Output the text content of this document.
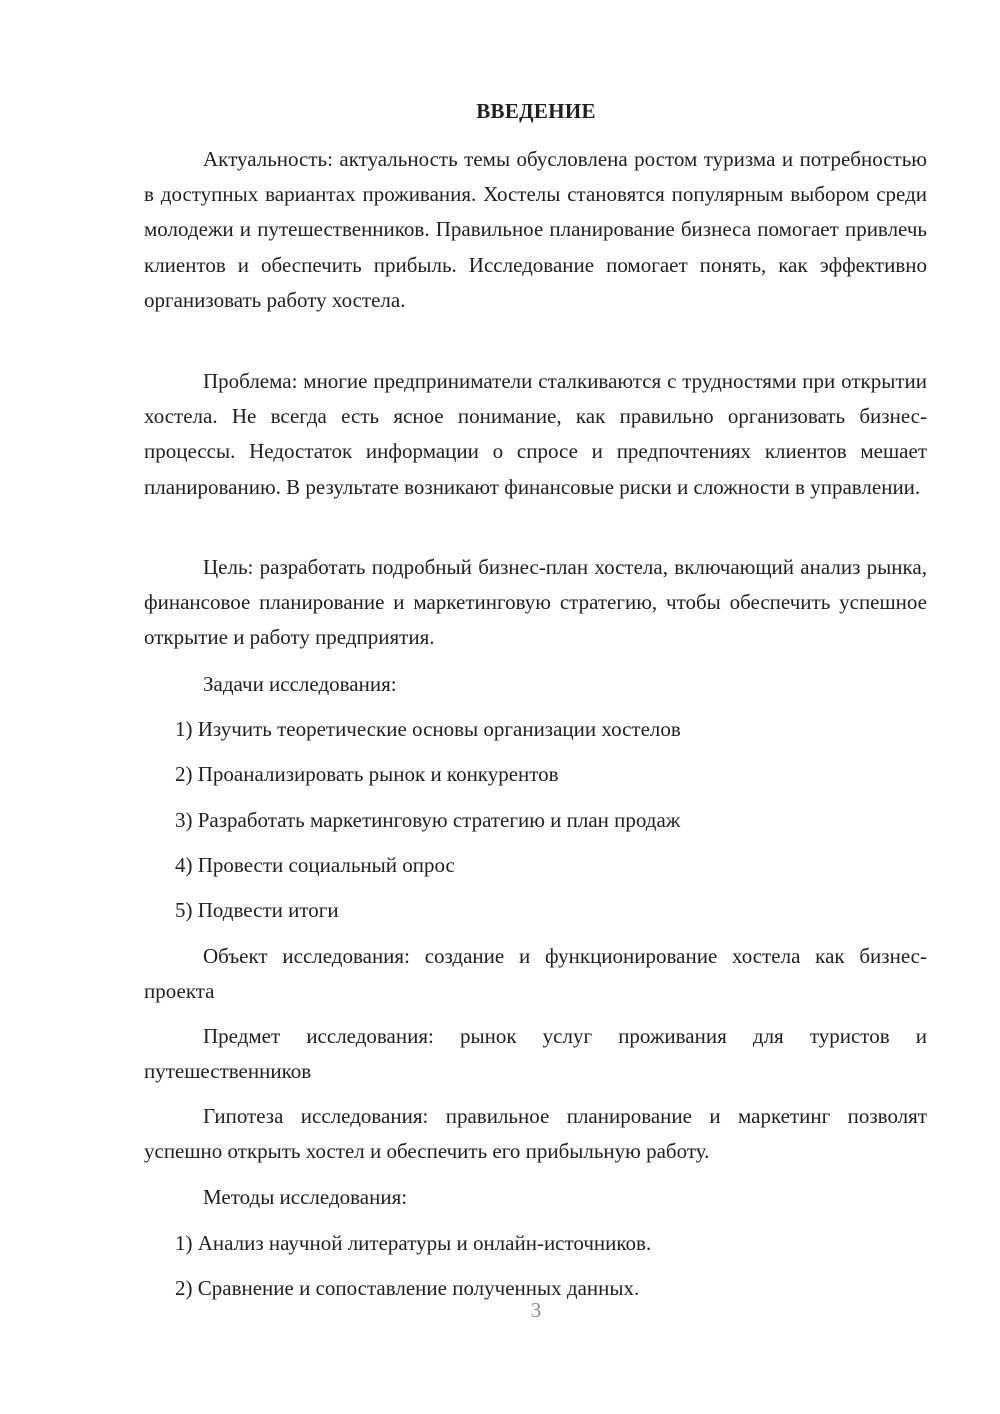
ВВЕДЕНИЕ

Актуальность: актуальность темы обусловлена ростом туризма и потребностью в доступных вариантах проживания. Хостелы становятся популярным выбором среди молодежи и путешественников. Правильное планирование бизнеса помогает привлечь клиентов и обеспечить прибыль. Исследование помогает понять, как эффективно организовать работу хостела.

Проблема: многие предприниматели сталкиваются с трудностями при открытии хостела. Не всегда есть ясное понимание, как правильно организовать бизнес-процессы. Недостаток информации о спросе и предпочтениях клиентов мешает планированию. В результате возникают финансовые риски и сложности в управлении.

Цель: разработать подробный бизнес-план хостела, включающий анализ рынка, финансовое планирование и маркетинговую стратегию, чтобы обеспечить успешное открытие и работу предприятия.

Задачи исследования:

1) Изучить теоретические основы организации хостелов

2) Проанализировать рынок и конкурентов

3) Разработать маркетинговую стратегию и план продаж

4) Провести социальный опрос

5) Подвести итоги

Объект исследования: создание и функционирование хостела как бизнес-проекта

Предмет исследования: рынок услуг проживания для туристов и путешественников

Гипотеза исследования: правильное планирование и маркетинг позволят успешно открыть хостел и обеспечить его прибыльную работу.

Методы исследования:

1) Анализ научной литературы и онлайн-источников.

2) Сравнение и сопоставление полученных данных.

3
